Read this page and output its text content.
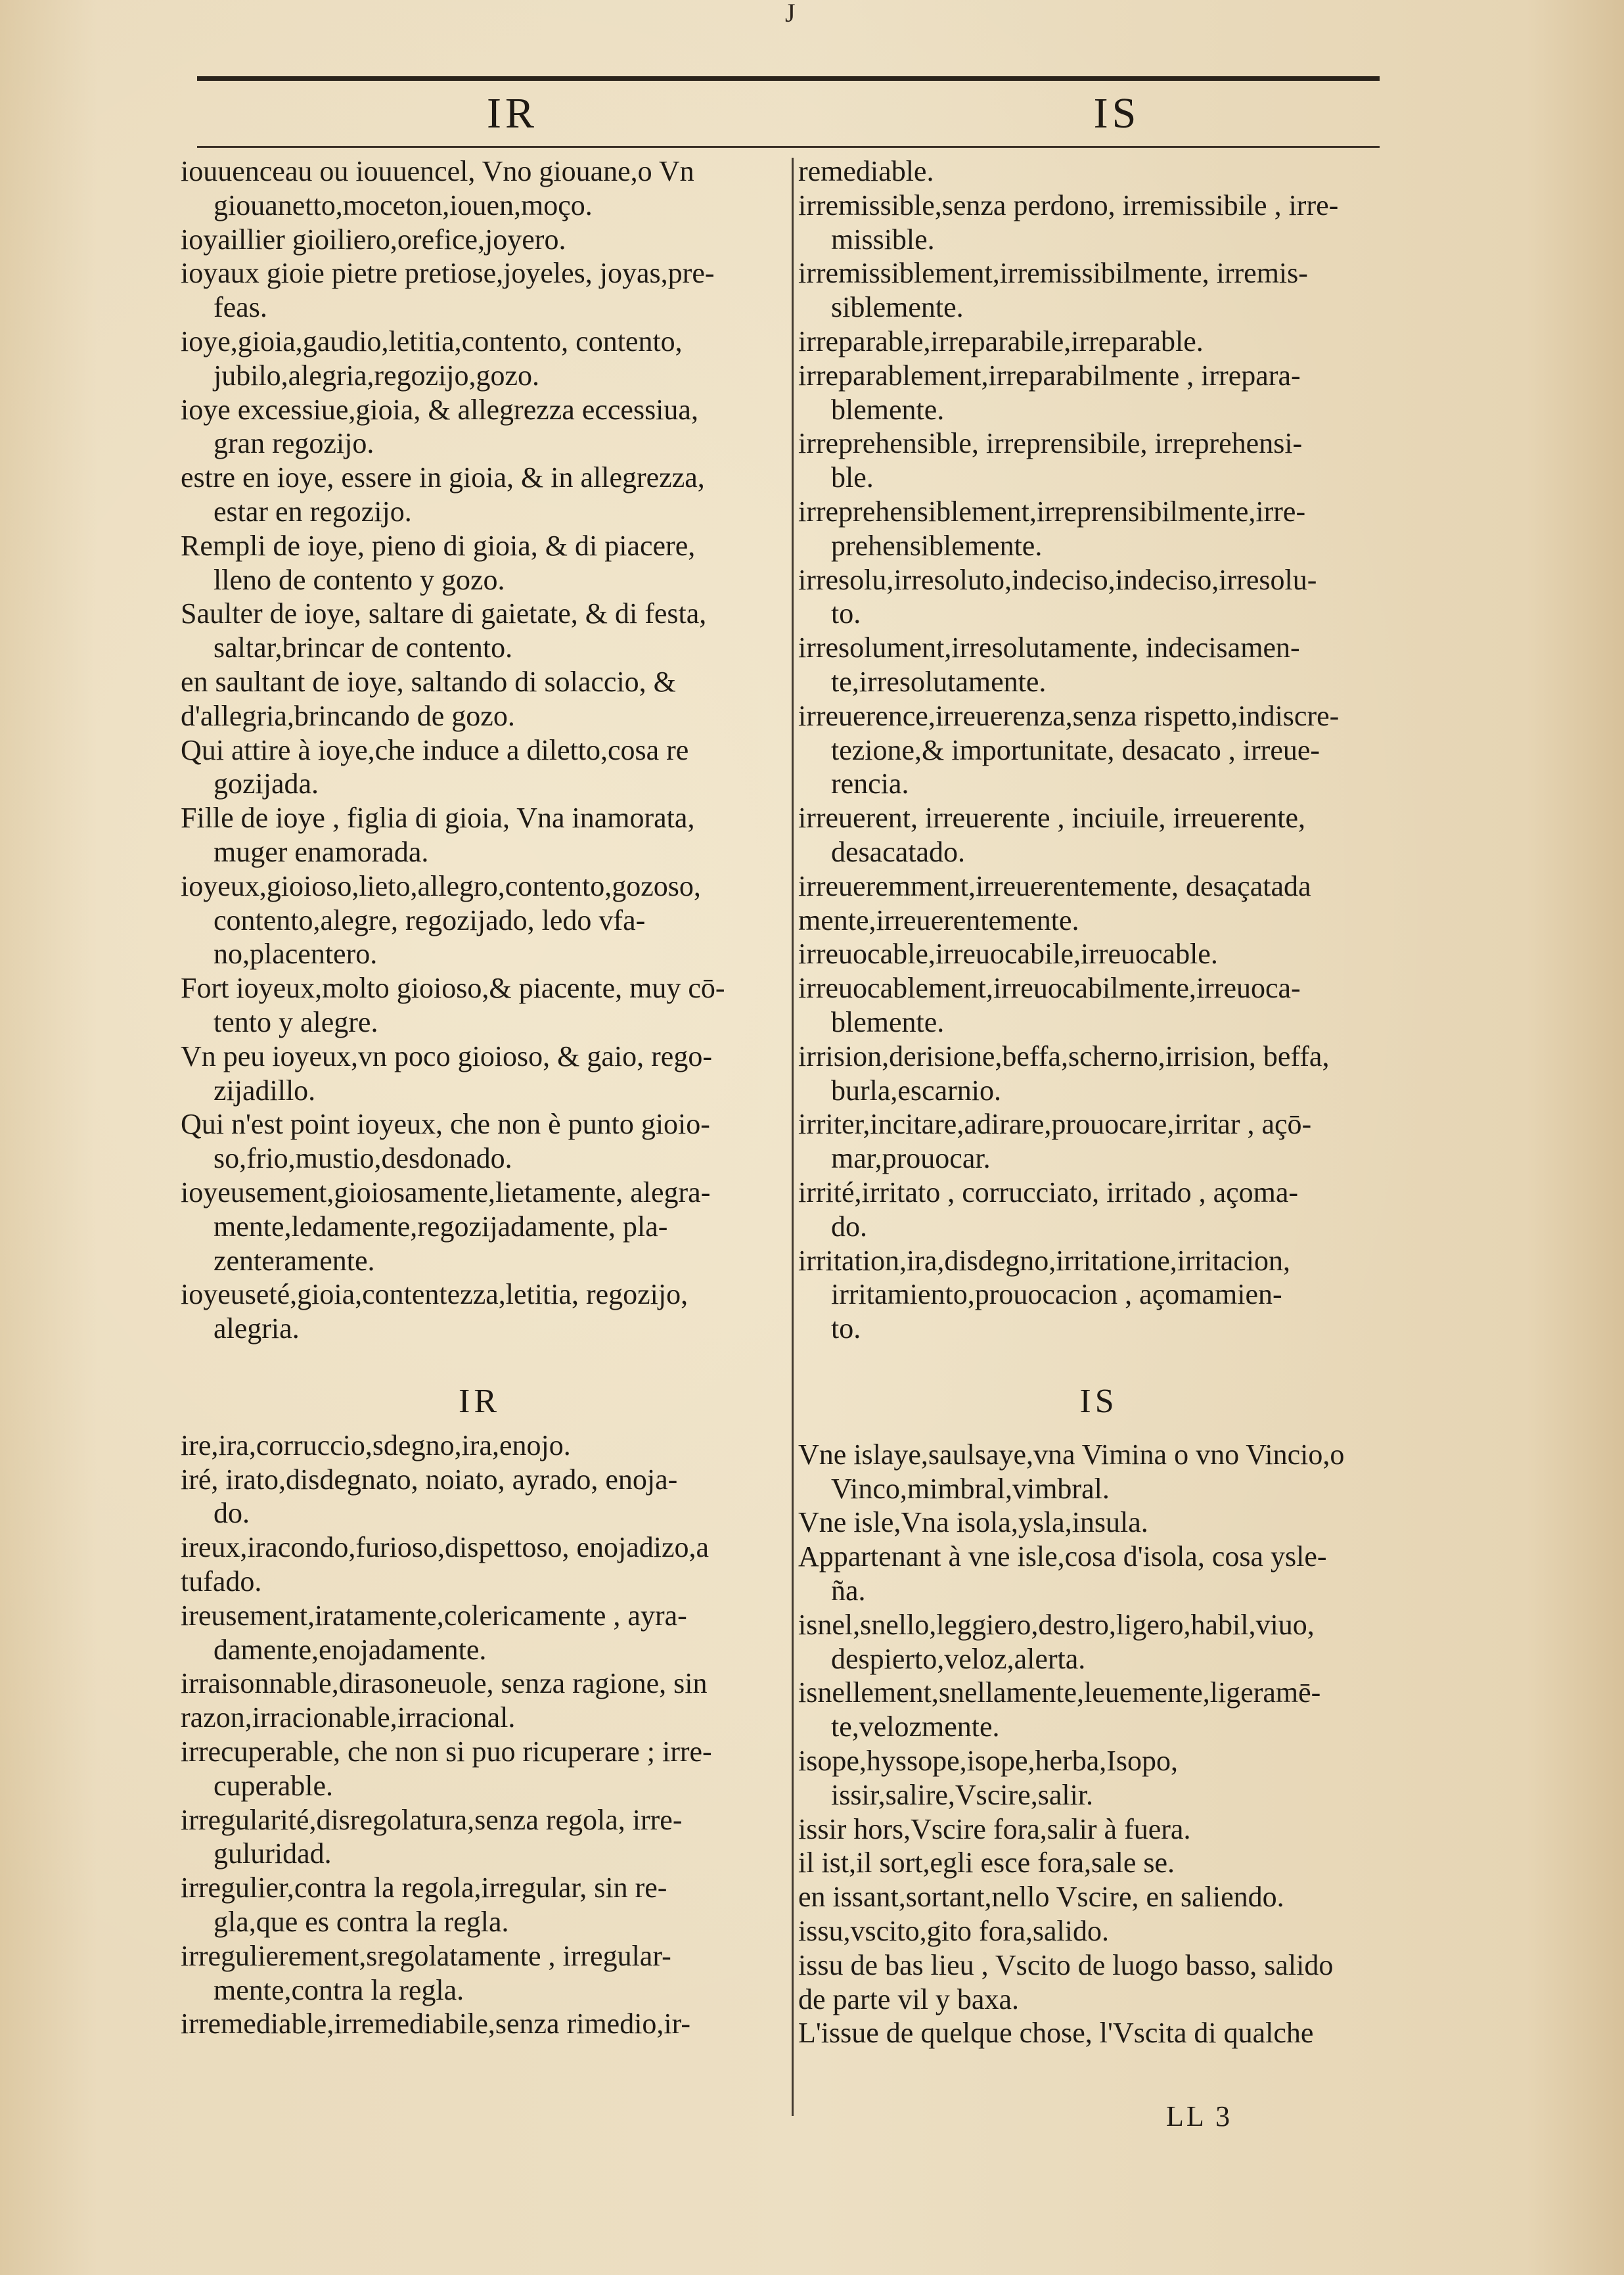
J
IR	IS
iouuenceau ou iouuencel, Vno giouane,o Vn
giouanetto,moceton,iouen,moço.
ioyaillier gioiliero,orefice,joyero.
ioyaux gioie pietre pretiose,joyeles, joyas,pre-
feas.
ioye,gioia,gaudio,letitia,contento, contento,
jubilo,alegria,regozijo,gozo.
ioye excessiue,gioia, & allegrezza eccessiua,
gran regozijo.
estre en ioye, essere in gioia, & in allegrezza,
estar en regozijo.
Rempli de ioye, pieno di gioia, & di piacere,
lleno de contento y gozo.
Saulter de ioye, saltare di gaietate, & di festa,
saltar,brincar de contento.
en saultant de ioye, saltando di solaccio, &
d'allegria,brincando de gozo.
Qui attire à ioye,che induce a diletto,cosa re
gozijada.
Fille de ioye , figlia di gioia, Vna inamorata,
muger enamorada.
ioyeux,gioioso,lieto,allegro,contento,gozoso,
contento,alegre, regozijado, ledo vfa-
no,placentero.
Fort ioyeux,molto gioioso,& piacente, muy cō-
tento y alegre.
Vn peu ioyeux,vn poco gioioso, & gaio, rego-
zijadillo.
Qui n'est point ioyeux, che non è punto gioio-
so,frio,mustio,desdonado.
ioyeusement,gioiosamente,lietamente, alegra-
mente,ledamente,regozijadamente, pla-
zenteramente.
ioyeuseté,gioia,contentezza,letitia, regozijo,
alegria.
IR
ire,ira,corruccio,sdegno,ira,enojo.
iré, irato,disdegnato, noiato, ayrado, enoja-
do.
ireux,iracondo,furioso,dispettoso, enojadizo,a
tufado.
ireusement,iratamente,colericamente , ayra-
damente,enojadamente.
irraisonnable,dirasoneuole, senza ragione, sin
razon,irracionable,irracional.
irrecuperable, che non si puo ricuperare ; irre-
cuperable.
irregularité,disregolatura,senza regola, irre-
guluridad.
irregulier,contra la regola,irregular, sin re-
gla,que es contra la regla.
irregulierement,sregolatamente , irregular-
mente,contra la regla.
irremediable,irremediabile,senza rimedio,ir-
remediable.
irremissible,senza perdono, irremissibile , irre-
missible.
irremissiblement,irremissibilmente, irremis-
siblemente.
irreparable,irreparabile,irreparable.
irreparablement,irreparabilmente , irrepara-
blemente.
irreprehensible, irreprensibile, irreprehensi-
ble.
irreprehensiblement,irreprensibilmente,irre-
prehensiblemente.
irresolu,irresoluto,indeciso,indeciso,irresolu-
to.
irresolument,irresolutamente, indecisamen-
te,irresolutamente.
irreuerence,irreuerenza,senza rispetto,indiscre-
tezione,& importunitate, desacato , irreue-
rencia.
irreuerent, irreuerente , inciuile, irreuerente,
desacatado.
irreueremment,irreuerentemente, desaçatada
mente,irreuerentemente.
irreuocable,irreuocabile,irreuocable.
irreuocablement,irreuocabilmente,irreuoca-
blemente.
irrision,derisione,beffa,scherno,irrision, beffa,
burla,escarnio.
irriter,incitare,adirare,prouocare,irritar , açō-
mar,prouocar.
irrité,irritato , corrucciato, irritado , açoma-
do.
irritation,ira,disdegno,irritatione,irritacion,
irritamiento,prouocacion , açomamien-
to.
IS
Vne islaye,saulsaye,vna Vimina o vno Vincio,o
Vinco,mimbral,vimbral.
Vne isle,Vna isola,ysla,insula.
Appartenant à vne isle,cosa d'isola, cosa ysle-
ña.
isnel,snello,leggiero,destro,ligero,habil,viuo,
despierto,veloz,alerta.
isnellement,snellamente,leuemente,ligeramē-
te,velozmente.
isope,hyssope,isope,herba,Isopo,
issir,salire,Vscire,salir.
issir hors,Vscire fora,salir à fuera.
il ist,il sort,egli esce fora,sale se.
en issant,sortant,nello Vscire, en saliendo.
issu,vscito,gito fora,salido.
issu de bas lieu , Vscito de luogo basso, salido
de parte vil y baxa.
L'issue de quelque chose, l'Vscita di qualche
LL 3
